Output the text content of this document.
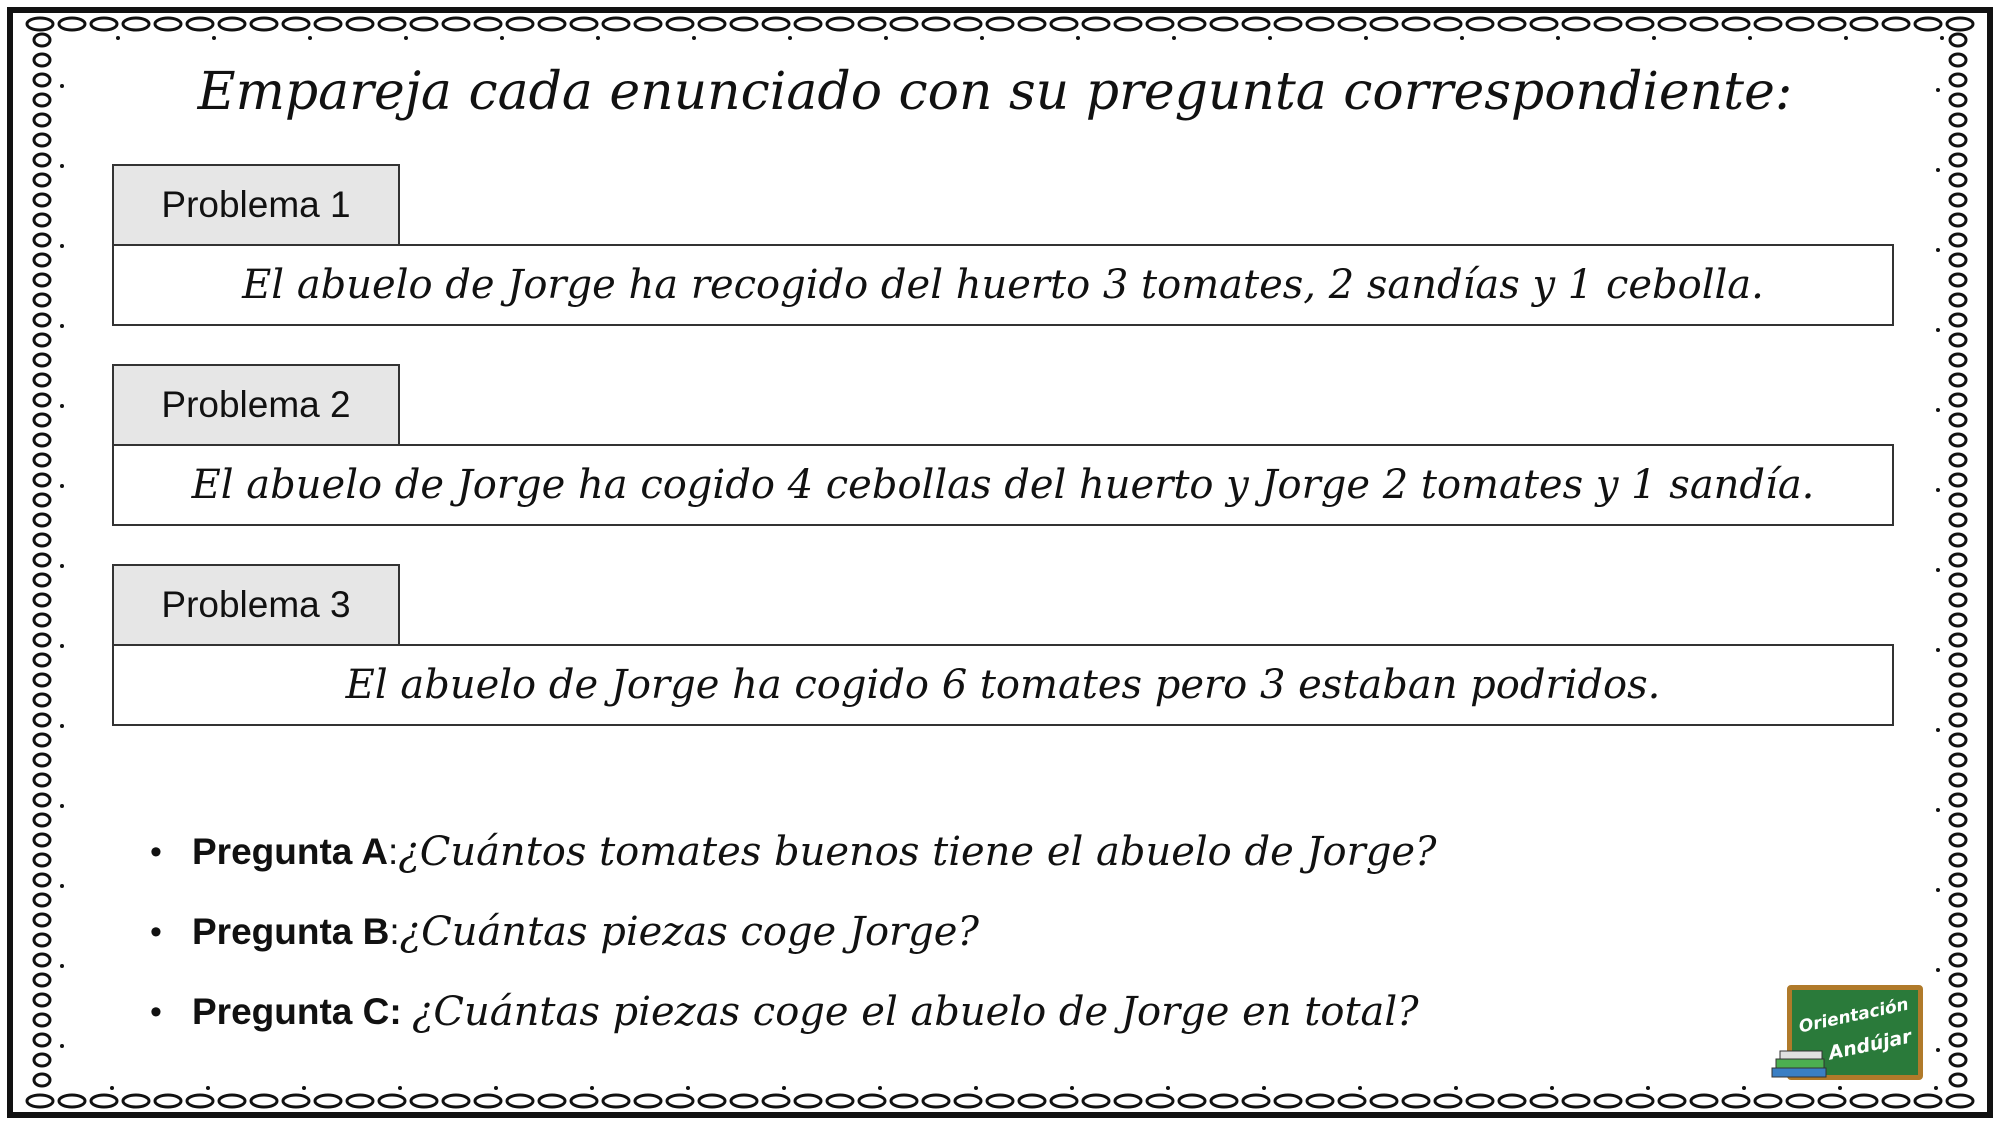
Empareja cada enunciado con su pregunta correspondiente:
Problema 1
El abuelo de Jorge ha recogido del huerto 3 tomates, 2 sandías y 1 cebolla.
Problema 2
El abuelo de Jorge ha cogido 4 cebollas del huerto y Jorge 2 tomates y 1 sandía.
Problema 3
El abuelo de Jorge ha cogido 6 tomates pero 3 estaban podridos.
• Pregunta A : ¿Cuántos tomates buenos tiene el abuelo de Jorge?
• Pregunta B : ¿Cuántas piezas coge Jorge?
• Pregunta C:
¿Cuántas piezas coge el abuelo de Jorge en total?	Orientación
Andújar
